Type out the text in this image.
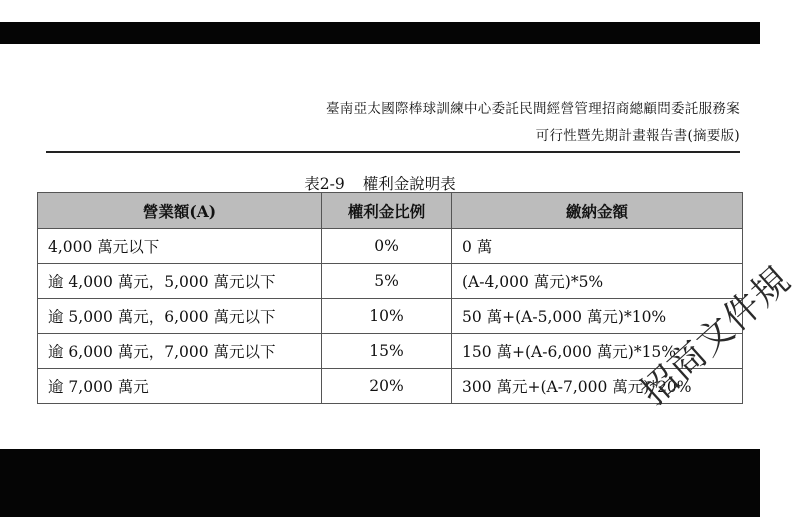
臺南亞太國際棒球訓練中心委託民間經營管理招商總顧問委託服務案
可行性暨先期計畫報告書(摘要版)
表2-9 權利金說明表
營業額(A)	權利金比例	繳納金額
4,000 萬元以下	0%	0 萬
逾 4,000 萬元，5,000 萬元以下	5%	(A-4,000 萬元)*5%
逾 5,000 萬元，6,000 萬元以下	10%	50 萬+(A-5,000 萬元)*10%
逾 6,000 萬元，7,000 萬元以下	15%	150 萬+(A-6,000 萬元)*15%
逾 7,000 萬元	20%	300 萬元+(A-7,000 萬元)*20%
招商文件規
